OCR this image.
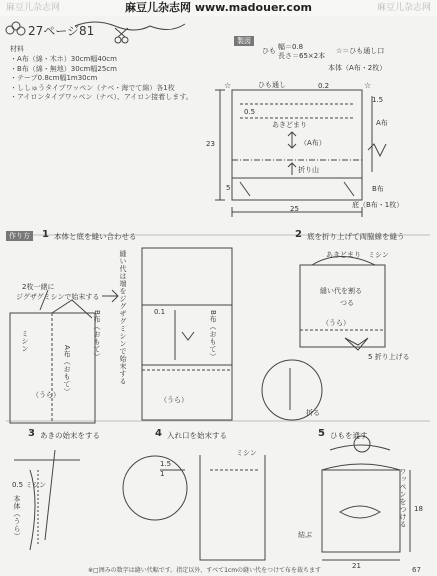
麻豆儿杂志网	麻豆儿杂志网 www.madouer.com	麻豆儿杂志网
☆	☆
27ページ81
材料
・A布（綿・木ホ）30cm幅40cm
・B布（綿・無地）30cm幅25cm
・テープ0.8cm幅1m30cm
・ししゅうタイプワッペン（ナベ・海でて綿）各1枚
・アイロンタイプワッペン（ナベ）、アイロン接着します。
製図
ひも 幅＝0.8
長さ＝65×2本
☆＝ひも通し口
本体（A布・2枚）
ひも通し	0.2
1.5
0.5
あきどまり
（A布）
折り山
B布
23
25
A布
5
底（B布・1枚）
作り方	1 本体と底を縫い合わせる	2 底を折り上げて両脇線を縫う
2枚一緒に
ジグザグミシンで始末する
B布（おもて）
A布（おもて）
ミシン
（うら）
縫い代は端をジグザグミシンで始末する	B布（おもて）
0.1
（うら）
あきどまり　ミシン
縫い代を割る
つる
5 折り上げる
折る
（うら）
3 あきの始末をする	4 入れ口を始末する	5 ひもを通す
0.5 ミシン
本体（うら）
1.5
1
ミシン
結ぶ
ワッペンをつける 18
21
※□囲みの数字は縫い代幅です。指定以外、すべて1cmの縫い代をつけて布を裁ちます	67
